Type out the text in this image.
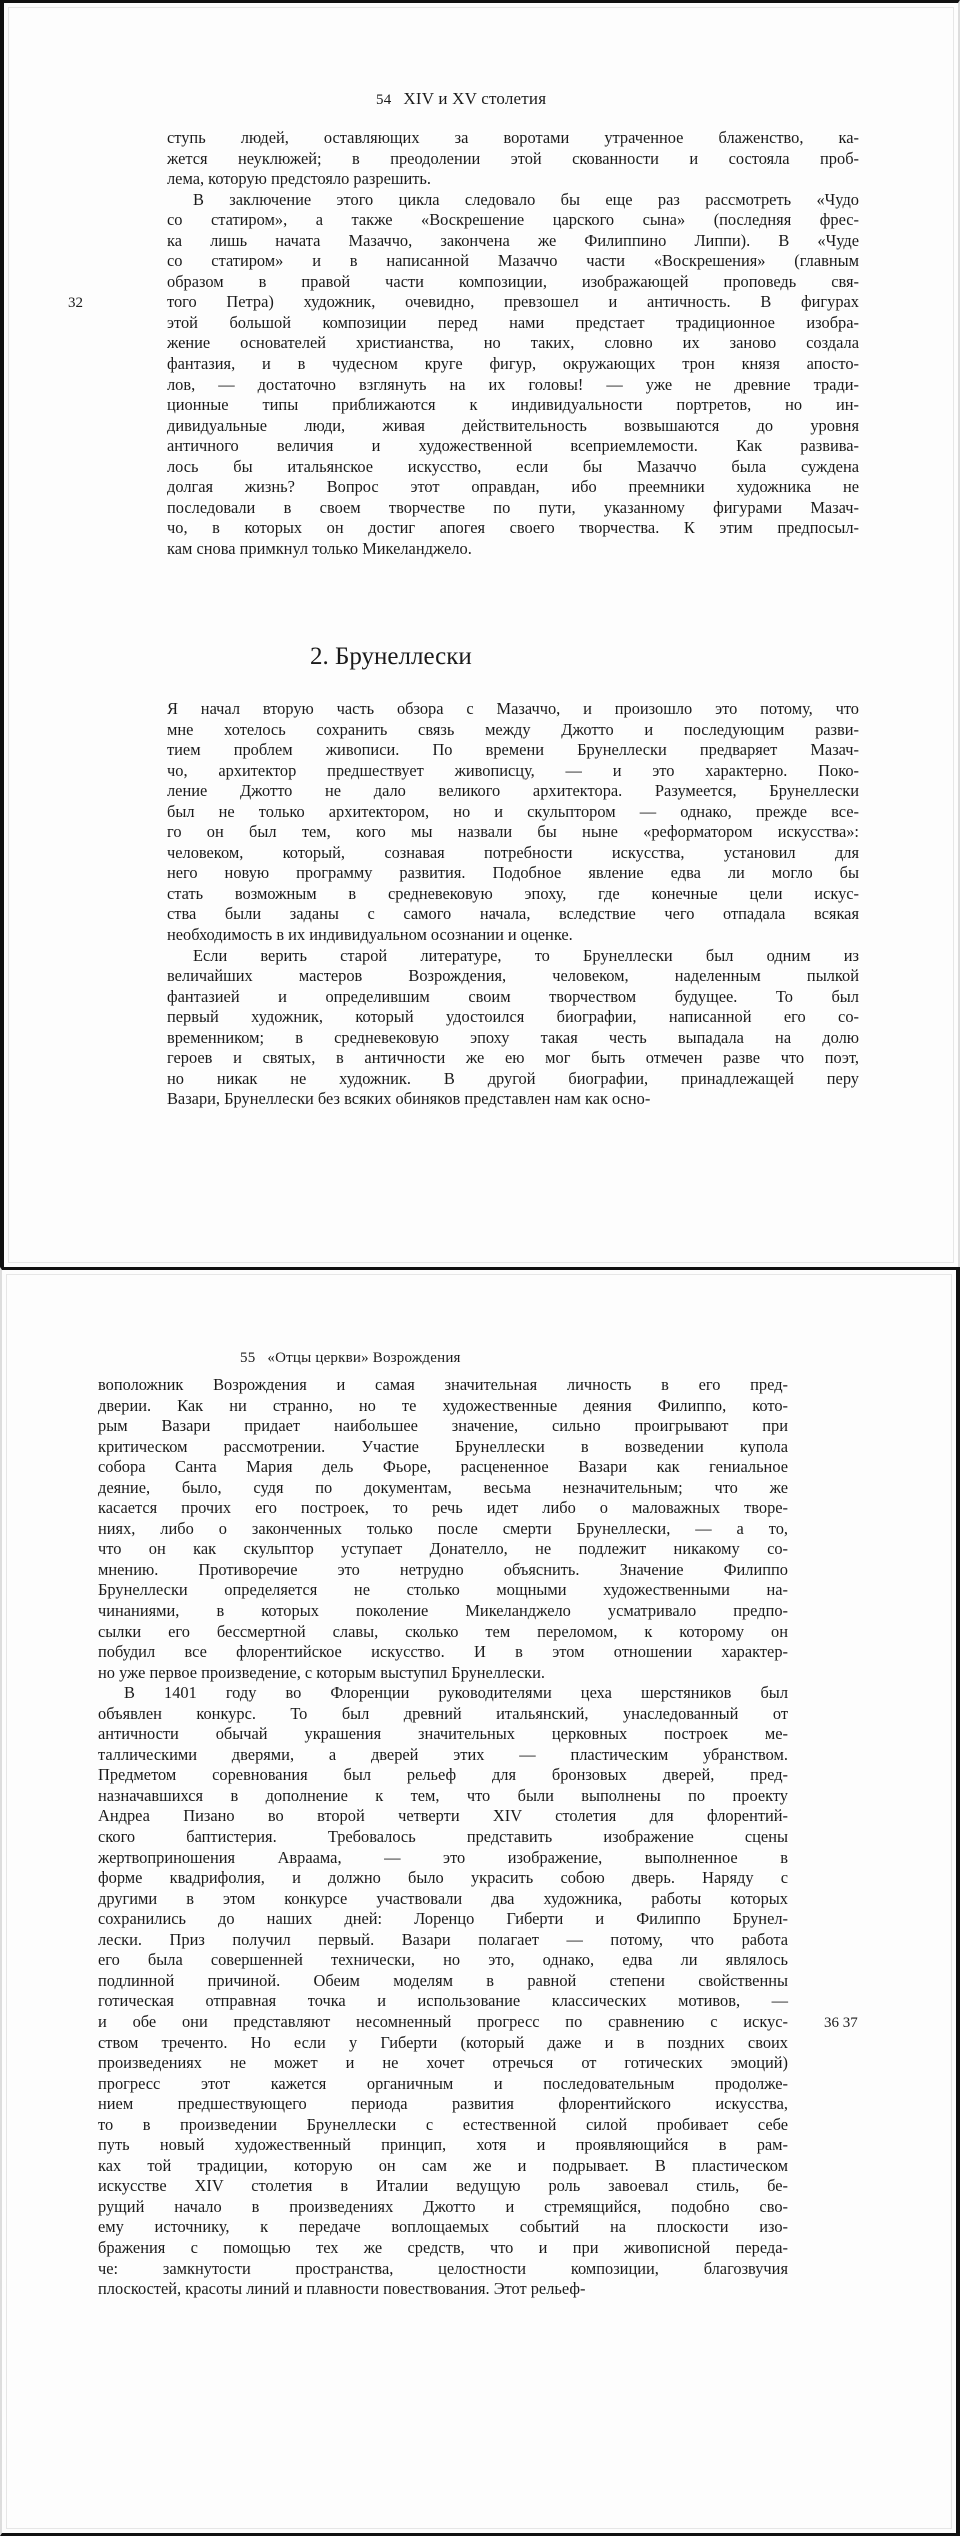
54 XIV и XV столетия
32
ступь людей, оставляющих за воротами утраченное блаженство, ка-
жется неуклюжей; в преодолении этой скованности и состояла проб-
лема, которую предстояло разрешить.
В заключение этого цикла следовало бы еще раз рассмотреть «Чудо
со статиром», а также «Воскрешение царского сына» (последняя фрес-
ка лишь начата Мазаччо, закончена же Филиппино Липпи). В «Чуде
со статиром» и в написанной Мазаччо части «Воскрешения» (главным
образом в правой части композиции, изображающей проповедь свя-
того Петра) художник, очевидно, превзошел и античность. В фигурах
этой большой композиции перед нами предстает традиционное изобра-
жение основателей христианства, но таких, словно их заново создала
фантазия, и в чудесном круге фигур, окружающих трон князя апосто-
лов, — достаточно взглянуть на их головы! — уже не древние тради-
ционные типы приближаются к индивидуальности портретов, но ин-
дивидуальные люди, живая действительность возвышаются до уровня
античного величия и художественной всеприемлемости. Как развива-
лось бы итальянское искусство, если бы Мазаччо была суждена
долгая жизнь? Вопрос этот оправдан, ибо преемники художника не
последовали в своем творчестве по пути, указанному фигурами Мазач-
чо, в которых он достиг апогея своего творчества. К этим предпосыл-
кам снова примкнул только Микеланджело.
2. Брунеллески
Я начал вторую часть обзора с Мазаччо, и произошло это потому, что
мне хотелось сохранить связь между Джотто и последующим разви-
тием проблем живописи. По времени Брунеллески предваряет Мазач-
чо, архитектор предшествует живописцу, — и это характерно. Поко-
ление Джотто не дало великого архитектора. Разумеется, Брунеллески
был не только архитектором, но и скульптором — однако, прежде все-
го он был тем, кого мы назвали бы ныне «реформатором искусства»:
человеком, который, сознавая потребности искусства, установил для
него новую программу развития. Подобное явление едва ли могло бы
стать возможным в средневековую эпоху, где конечные цели искус-
ства были заданы с самого начала, вследствие чего отпадала всякая
необходимость в их индивидуальном осознании и оценке.
Если верить старой литературе, то Брунеллески был одним из
величайших мастеров Возрождения, человеком, наделенным пылкой
фантазией и определившим своим творчеством будущее. То был
первый художник, который удостоился биографии, написанной его со-
временником; в средневековую эпоху такая честь выпадала на долю
героев и святых, в античности же ею мог быть отмечен разве что поэт,
но никак не художник. В другой биографии, принадлежащей перу
Вазари, Брунеллески без всяких обиняков представлен нам как осно-
55 «Отцы церкви» Возрождения
36 37
воположник Возрождения и самая значительная личность в его пред-
дверии. Как ни странно, но те художественные деяния Филиппо, кото-
рым Вазари придает наибольшее значение, сильно проигрывают при
критическом рассмотрении. Участие Брунеллески в возведении купола
собора Санта Мария дель Фьоре, расцененное Вазари как гениальное
деяние, было, судя по документам, весьма незначительным; что же
касается прочих его построек, то речь идет либо о маловажных творе-
ниях, либо о законченных только после смерти Брунеллески, — а то,
что он как скульптор уступает Донателло, не подлежит никакому со-
мнению. Противоречие это нетрудно объяснить. Значение Филиппо
Брунеллески определяется не столько мощными художественными на-
чинаниями, в которых поколение Микеланджело усматривало предпо-
сылки его бессмертной славы, сколько тем переломом, к которому он
побудил все флорентийское искусство. И в этом отношении характер-
но уже первое произведение, с которым выступил Брунеллески.
В 1401 году во Флоренции руководителями цеха шерстяников был
объявлен конкурс. То был древний итальянский, унаследованный от
античности обычай украшения значительных церковных построек ме-
таллическими дверями, а дверей этих — пластическим убранством.
Предметом соревнования был рельеф для бронзовых дверей, пред-
назначавшихся в дополнение к тем, что были выполнены по проекту
Андреа Пизано во второй четверти XIV столетия для флорентий-
ского баптистерия. Требовалось представить изображение сцены
жертвоприношения Авраама, — это изображение, выполненное в
форме квадрифолия, и должно было украсить собою дверь. Наряду с
другими в этом конкурсе участвовали два художника, работы которых
сохранились до наших дней: Лоренцо Гиберти и Филиппо Брунел-
лески. Приз получил первый. Вазари полагает — потому, что работа
его была совершенней технически, но это, однако, едва ли являлось
подлинной причиной. Обеим моделям в равной степени свойственны
готическая отправная точка и использование классических мотивов, —
и обе они представляют несомненный прогресс по сравнению с искус-
ством треченто. Но если у Гиберти (который даже и в поздних своих
произведениях не может и не хочет отречься от готических эмоций)
прогресс этот кажется органичным и последовательным продолже-
нием предшествующего периода развития флорентийского искусства,
то в произведении Брунеллески с естественной силой пробивает себе
путь новый художественный принцип, хотя и проявляющийся в рам-
ках той традиции, которую он сам же и подрывает. В пластическом
искусстве XIV столетия в Италии ведущую роль завоевал стиль, бе-
рущий начало в произведениях Джотто и стремящийся, подобно сво-
ему источнику, к передаче воплощаемых событий на плоскости изо-
бражения с помощью тех же средств, что и при живописной переда-
че: замкнутости пространства, целостности композиции, благозвучия
плоскостей, красоты линий и плавности повествования. Этот рельеф-
